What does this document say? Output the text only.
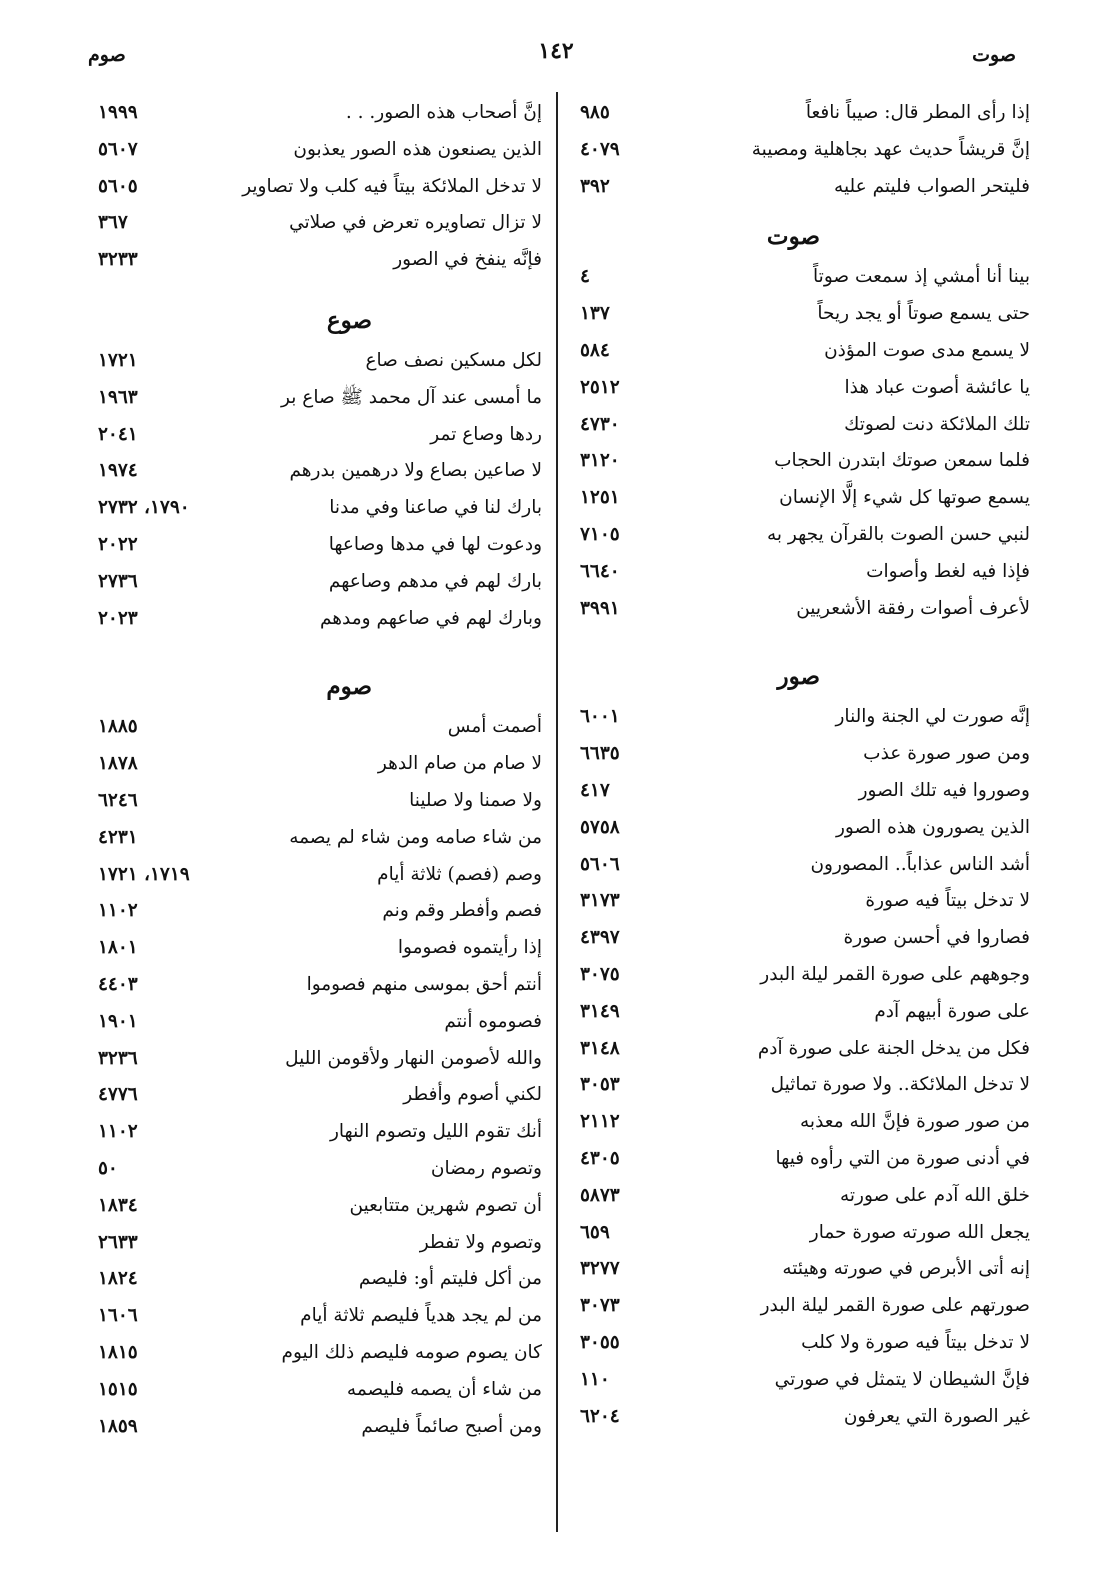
صوت
١٤٢
صوم
إذا رأى المطر قال: صيباً نافعاً
٩٨٥
إنَّ قريشاً حديث عهد بجاهلية ومصيبة
٤٠٧٩
فليتحر الصواب فليتم عليه
٣٩٢
صوت
بينا أنا أمشي إذ سمعت صوتاً
٤
حتى يسمع صوتاً أو يجد ريحاً
١٣٧
لا يسمع مدى صوت المؤذن
٥٨٤
يا عائشة أصوت عباد هذا
٢٥١٢
تلك الملائكة دنت لصوتك
٤٧٣٠
فلما سمعن صوتك ابتدرن الحجاب
٣١٢٠
يسمع صوتها كل شيء إلَّا الإنسان
١٢٥١
لنبي حسن الصوت بالقرآن يجهر به
٧١٠٥
فإذا فيه لغط وأصوات
٦٦٤٠
لأعرف أصوات رفقة الأشعريين
٣٩٩١
صور
إنَّه صورت لي الجنة والنار
٦٠٠١
ومن صور صورة عذب
٦٦٣٥
وصوروا فيه تلك الصور
٤١٧
الذين يصورون هذه الصور
٥٧٥٨
أشد الناس عذاباً.. المصورون
٥٦٠٦
لا تدخل بيتاً فيه صورة
٣١٧٣
فصاروا في أحسن صورة
٤٣٩٧
وجوههم على صورة القمر ليلة البدر
٣٠٧٥
على صورة أبيهم آدم
٣١٤٩
فكل من يدخل الجنة على صورة آدم
٣١٤٨
لا تدخل الملائكة.. ولا صورة تماثيل
٣٠٥٣
من صور صورة فإنَّ الله معذبه
٢١١٢
في أدنى صورة من التي رأوه فيها
٤٣٠٥
خلق الله آدم على صورته
٥٨٧٣
يجعل الله صورته صورة حمار
٦٥٩
إنه أتى الأبرص في صورته وهيئته
٣٢٧٧
صورتهم على صورة القمر ليلة البدر
٣٠٧٣
لا تدخل بيتاً فيه صورة ولا كلب
٣٠٥٥
فإنَّ الشيطان لا يتمثل في صورتي
١١٠
غير الصورة التي يعرفون
٦٢٠٤
إنَّ أصحاب هذه الصور. . .
١٩٩٩
الذين يصنعون هذه الصور يعذبون
٥٦٠٧
لا تدخل الملائكة بيتاً فيه كلب ولا تصاوير
٥٦٠٥
لا تزال تصاويره تعرض في صلاتي
٣٦٧
فإنَّه ينفخ في الصور
٣٢٣٣
صوع
لكل مسكين نصف صاع
١٧٢١
ما أمسى عند آل محمد ﷺ صاع بر
١٩٦٣
ردها وصاع تمر
٢٠٤١
لا صاعين بصاع ولا درهمين بدرهم
١٩٧٤
بارك لنا في صاعنا وفي مدنا
٢٧٣٢ ١٧٩٠،
ودعوت لها في مدها وصاعها
٢٠٢٢
بارك لهم في مدهم وصاعهم
٢٧٣٦
وبارك لهم في صاعهم ومدهم
٢٠٢٣
صوم
أصمت أمس
١٨٨٥
لا صام من صام الدهر
١٨٧٨
ولا صمنا ولا صلينا
٦٢٤٦
من شاء صامه ومن شاء لم يصمه
٤٢٣١
وصم (فصم) ثلاثة أيام
١٧٢١ ١٧١٩،
فصم وأفطر وقم ونم
١١٠٢
إذا رأيتموه فصوموا
١٨٠١
أنتم أحق بموسى منهم فصوموا
٤٤٠٣
فصوموه أنتم
١٩٠١
والله لأصومن النهار ولأقومن الليل
٣٢٣٦
لكني أصوم وأفطر
٤٧٧٦
أنك تقوم الليل وتصوم النهار
١١٠٢
وتصوم رمضان
٥٠
أن تصوم شهرين متتابعين
١٨٣٤
وتصوم ولا تفطر
٢٦٣٣
من أكل فليتم أو: فليصم
١٨٢٤
من لم يجد هدياً فليصم ثلاثة أيام
١٦٠٦
كان يصوم صومه فليصم ذلك اليوم
١٨١٥
من شاء أن يصمه فليصمه
١٥١٥
ومن أصبح صائماً فليصم
١٨٥٩
